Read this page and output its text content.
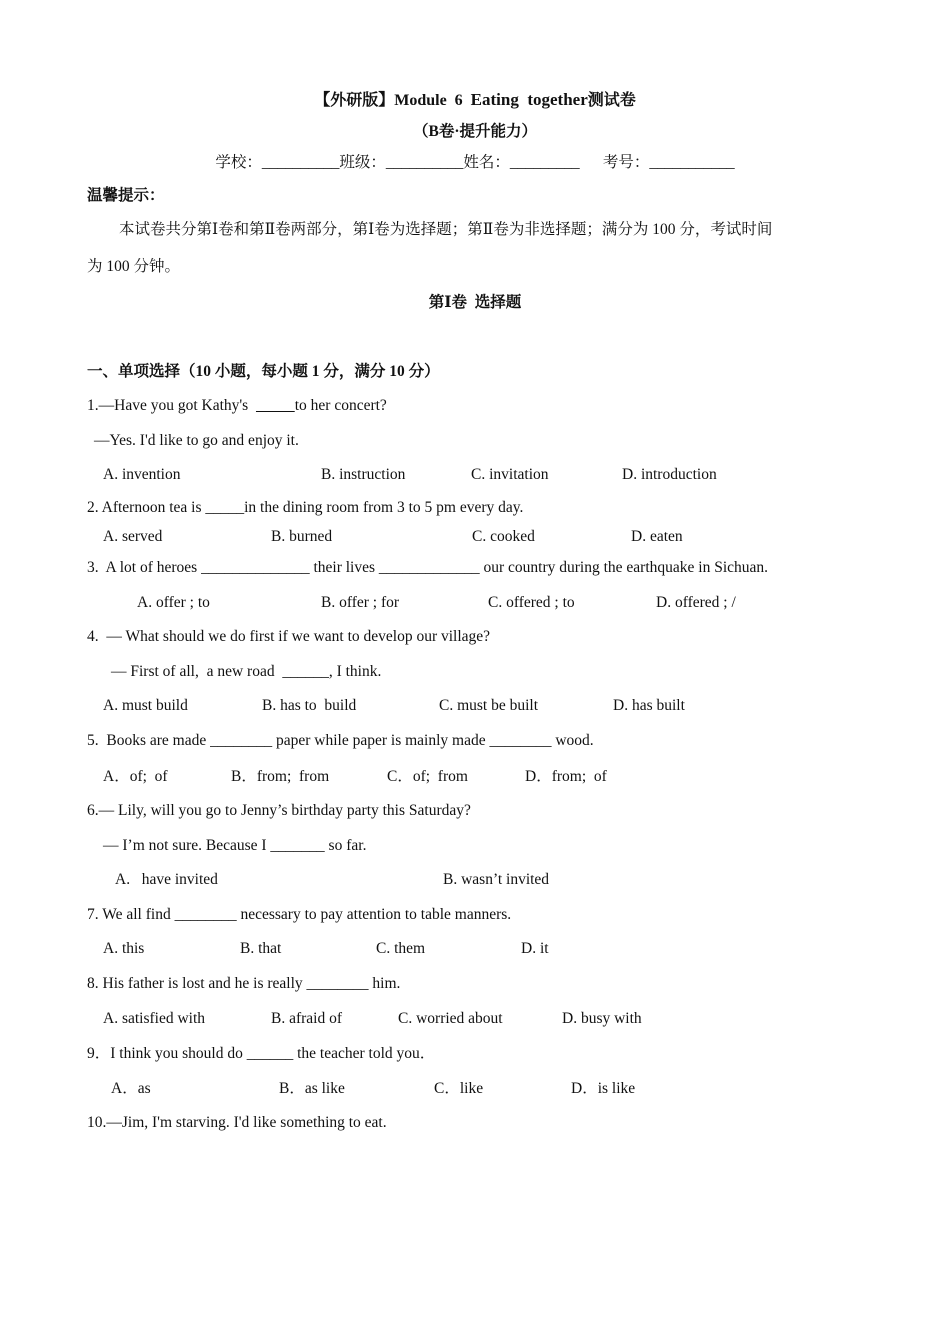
【外研版】Module  6  Eating  together测试卷
（B卷·提升能力）
学校：__________班级：__________姓名：_________      考号：___________
温馨提示：
本试卷共分第Ⅰ卷和第Ⅱ卷两部分，第Ⅰ卷为选择题；第Ⅱ卷为非选择题；满分为 100 分，考试时间
为 100 分钟。
第Ⅰ卷  选择题
一、单项选择（10 小题，每小题 1 分，满分 10 分）
1.—Have you got Kathy's	to her concert?
—Yes. I'd like to go and enjoy it.
A. invention	B. instruction	C. invitation	D. introduction
2. Afternoon tea is _____in the dining room from 3 to 5 pm every day.
A. served	B. burned	C. cooked	D. eaten
3.  A lot of heroes ______________ their lives _____________ our country during the earthquake in Sichuan.
A. offer ; to	B. offer ; for	C. offered ; to	D. offered ; /
4.  — What should we do first if we want to develop our village?
— First of all,  a new road  ______, I think.
A. must build	B. has to  build	C. must be built	D. has built
5.  Books are made ________ paper while paper is mainly made ________ wood.
A．of;  of	B．from;  from	C．of;  from	D．from;  of
6.— Lily, will you go to Jenny’s birthday party this Saturday?
— I’m not sure. Because I _______ so far.
A.   have invited	B. wasn’t invited
7. We all find ________ necessary to pay attention to table manners.
A. this	B. that	C. them	D. it
8. His father is lost and he is really ________ him.
A. satisfied with	B. afraid of	C. worried about	D. busy with
9．I think you should do ______ the teacher told you．
A．as	B．as like	C．like	D．is like
10.—Jim, I'm starving. I'd like something to eat.
